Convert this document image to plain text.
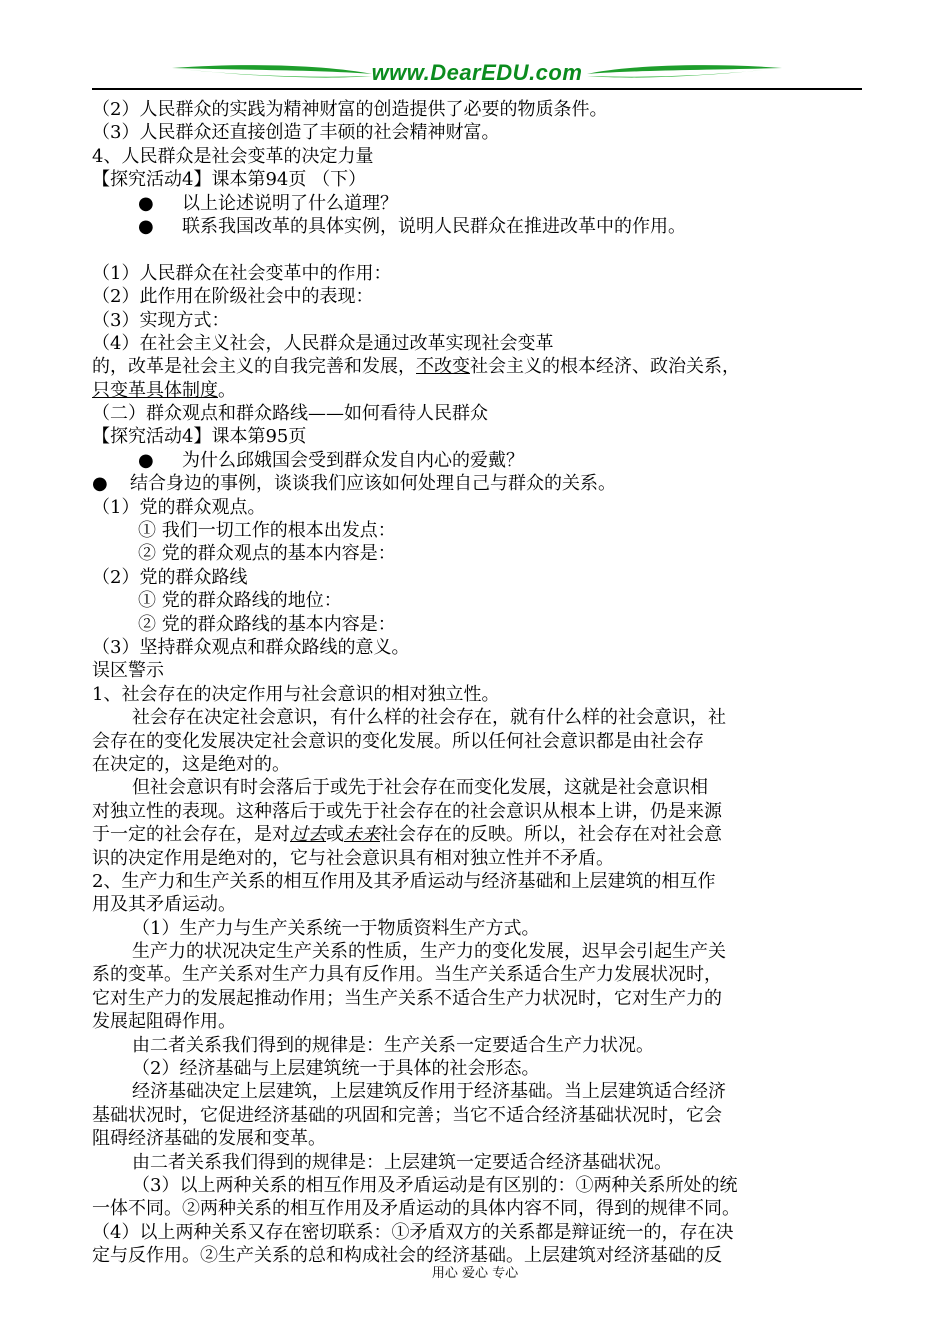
www.DearEDU.com
（2）人民群众的实践为精神财富的创造提供了必要的物质条件。
（3）人民群众还直接创造了丰硕的社会精神财富。
4、人民群众是社会变革的决定力量
【探究活动4】课本第94页 （下）
● 以上论述说明了什么道理？
● 联系我国改革的具体实例，说明人民群众在推进改革中的作用。
（1）人民群众在社会变革中的作用：
（2）此作用在阶级社会中的表现：
（3）实现方式：
（4）在社会主义社会，人民群众是通过改革实现社会变革
的，改革是社会主义的自我完善和发展，不改变社会主义的根本经济、政治关系，
只变革具体制度。
（二）群众观点和群众路线——如何看待人民群众
【探究活动4】课本第95页
● 为什么邱娥国会受到群众发自内心的爱戴？
● 结合身边的事例，谈谈我们应该如何处理自己与群众的关系。
（1）党的群众观点。
① 我们一切工作的根本出发点：
② 党的群众观点的基本内容是：
（2）党的群众路线
① 党的群众路线的地位：
② 党的群众路线的基本内容是：
（3）坚持群众观点和群众路线的意义。
误区警示
1、社会存在的决定作用与社会意识的相对独立性。
社会存在决定社会意识，有什么样的社会存在，就有什么样的社会意识，社
会存在的变化发展决定社会意识的变化发展。所以任何社会意识都是由社会存
在决定的，这是绝对的。
但社会意识有时会落后于或先于社会存在而变化发展，这就是社会意识相
对独立性的表现。这种落后于或先于社会存在的社会意识从根本上讲，仍是来源
于一定的社会存在，是对过去或未来社会存在的反映。所以，社会存在对社会意
识的决定作用是绝对的，它与社会意识具有相对独立性并不矛盾。
2、生产力和生产关系的相互作用及其矛盾运动与经济基础和上层建筑的相互作
用及其矛盾运动。
（1）生产力与生产关系统一于物质资料生产方式。
生产力的状况决定生产关系的性质，生产力的变化发展，迟早会引起生产关
系的变革。生产关系对生产力具有反作用。当生产关系适合生产力发展状况时，
它对生产力的发展起推动作用；当生产关系不适合生产力状况时，它对生产力的
发展起阻碍作用。
由二者关系我们得到的规律是：生产关系一定要适合生产力状况。
（2）经济基础与上层建筑统一于具体的社会形态。
经济基础决定上层建筑，上层建筑反作用于经济基础。当上层建筑适合经济
基础状况时，它促进经济基础的巩固和完善；当它不适合经济基础状况时，它会
阻碍经济基础的发展和变革。
由二者关系我们得到的规律是：上层建筑一定要适合经济基础状况。
（3）以上两种关系的相互作用及矛盾运动是有区别的：①两种关系所处的统
一体不同。②两种关系的相互作用及矛盾运动的具体内容不同，得到的规律不同。
（4）以上两种关系又存在密切联系：①矛盾双方的关系都是辩证统一的，存在决
定与反作用。②生产关系的总和构成社会的经济基础。上层建筑对经济基础的反
用心 爱心 专心
